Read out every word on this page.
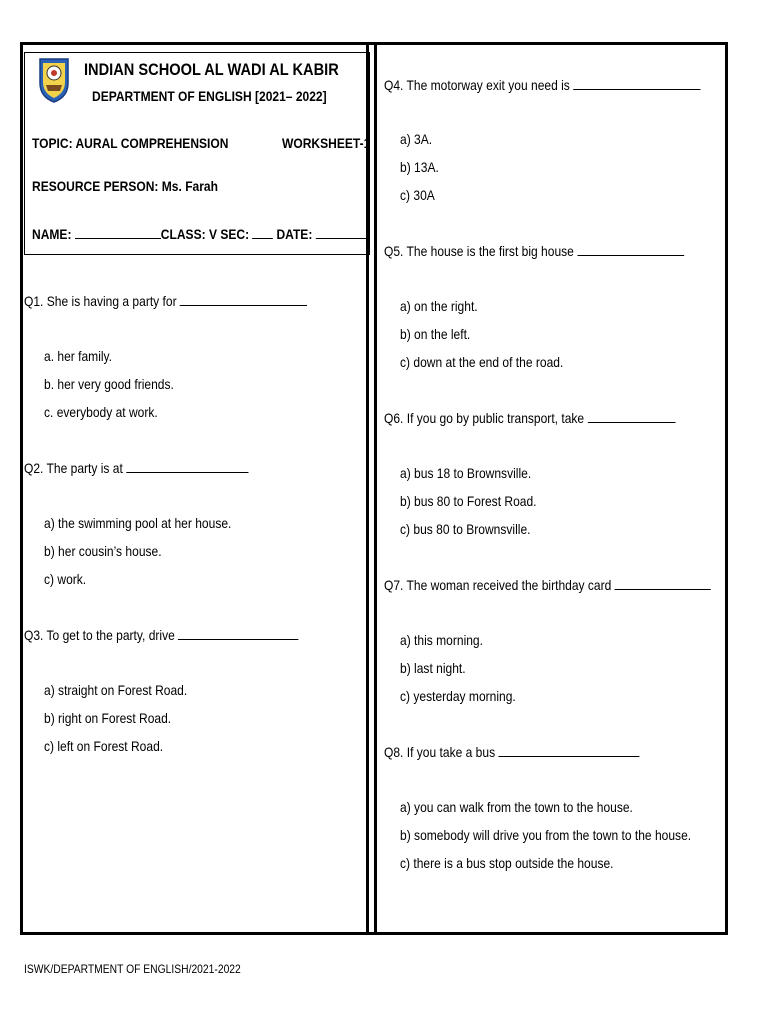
INDIAN SCHOOL AL WADI AL KABIR
DEPARTMENT OF ENGLISH [2021– 2022]
TOPIC: AURAL COMPREHENSION	WORKSHEET-1
RESOURCE PERSON: Ms. Farah
NAME:	CLASS: V SEC:  DATE:
Q1. She is having a party for
a. her family.
b. her very good friends.
c. everybody at work.
Q2. The party is at
a) the swimming pool at her house.
b) her cousin’s house.
c) work.
Q3. To get to the party, drive
a) straight on Forest Road.
b) right on Forest Road.
c) left on Forest Road.
Q4. The motorway exit you need is
a) 3A.
b) 13A.
c) 30A
Q5. The house is the first big house
a) on the right.
b) on the left.
c) down at the end of the road.
Q6. If you go by public transport, take
a) bus 18 to Brownsville.
b) bus 80 to Forest Road.
c) bus 80 to Brownsville.
Q7. The woman received the birthday card
a) this morning.
b) last night.
c) yesterday morning.
Q8. If you take a bus
a) you can walk from the town to the house.
b) somebody will drive you from the town to the house.
c) there is a bus stop outside the house.
ISWK/DEPARTMENT OF ENGLISH/2021-2022
